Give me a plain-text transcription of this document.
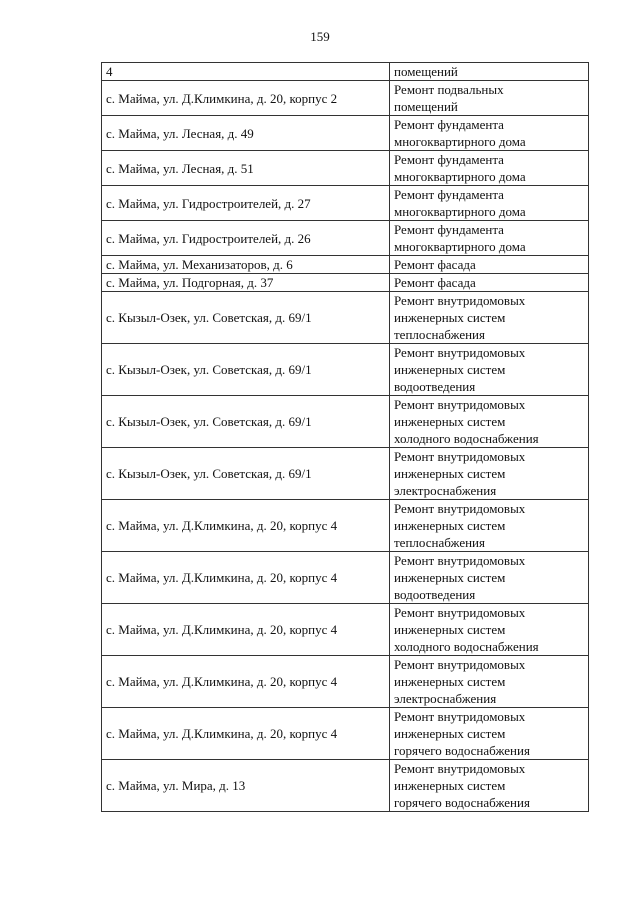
159
4	помещений

с. Майма, ул. Д.Климкина, д. 20, корпус 2	Ремонт подвальных
помещений

с. Майма, ул. Лесная, д. 49	Ремонт фундамента
многоквартирного дома

с. Майма, ул. Лесная, д. 51	Ремонт фундамента
многоквартирного дома

с. Майма, ул. Гидростроителей, д. 27	Ремонт фундамента
многоквартирного дома

с. Майма, ул. Гидростроителей, д. 26	Ремонт фундамента
многоквартирного дома

с. Майма, ул. Механизаторов, д. 6	Ремонт фасада

с. Майма, ул. Подгорная, д. 37	Ремонт фасада

с. Кызыл-Озек, ул. Советская, д. 69/1	Ремонт внутридомовых
инженерных систем
теплоснабжения

с. Кызыл-Озек, ул. Советская, д. 69/1	Ремонт внутридомовых
инженерных систем
водоотведения

с. Кызыл-Озек, ул. Советская, д. 69/1	Ремонт внутридомовых
инженерных систем
холодного водоснабжения

с. Кызыл-Озек, ул. Советская, д. 69/1	Ремонт внутридомовых
инженерных систем
электроснабжения

с. Майма, ул. Д.Климкина, д. 20, корпус 4	Ремонт внутридомовых
инженерных систем
теплоснабжения

с. Майма, ул. Д.Климкина, д. 20, корпус 4	Ремонт внутридомовых
инженерных систем
водоотведения

с. Майма, ул. Д.Климкина, д. 20, корпус 4	Ремонт внутридомовых
инженерных систем
холодного водоснабжения

с. Майма, ул. Д.Климкина, д. 20, корпус 4	Ремонт внутридомовых
инженерных систем
электроснабжения

с. Майма, ул. Д.Климкина, д. 20, корпус 4	Ремонт внутридомовых
инженерных систем
горячего водоснабжения

с. Майма, ул. Мира, д. 13	Ремонт внутридомовых
инженерных систем
горячего водоснабжения
